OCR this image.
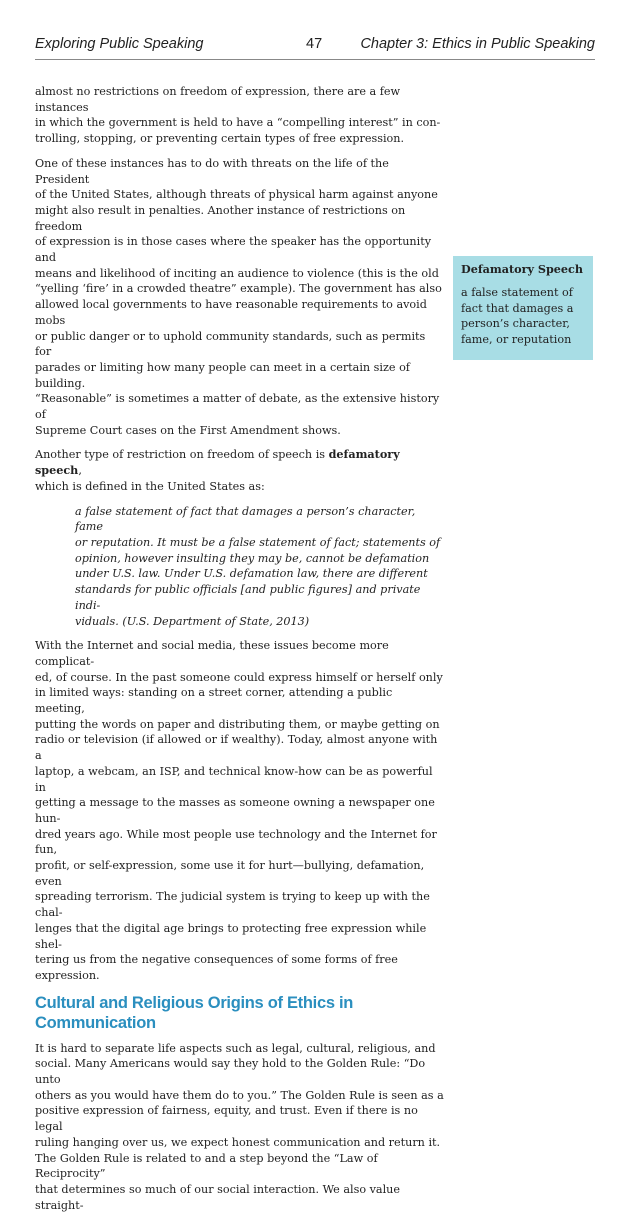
Exploring Public Speaking	47	Chapter 3: Ethics in Public Speaking

almost no restrictions on freedom of expression, there are a few instances
in which the government is held to have a “compelling interest” in con-
trolling, stopping, or preventing certain types of free expression.

One of these instances has to do with threats on the life of the President
of the United States, although threats of physical harm against anyone
might also result in penalties. Another instance of restrictions on freedom
of expression is in those cases where the speaker has the opportunity and
means and likelihood of inciting an audience to violence (this is the old
“yelling ‘fire’ in a crowded theatre” example). The government has also
allowed local governments to have reasonable requirements to avoid mobs
or public danger or to uphold community standards, such as permits for
parades or limiting how many people can meet in a certain size of building.
“Reasonable” is sometimes a matter of debate, as the extensive history of
Supreme Court cases on the First Amendment shows.

Another type of restriction on freedom of speech is defamatory speech,
which is defined in the United States as:

a false statement of fact that damages a person’s character, fame
or reputation. It must be a false statement of fact; statements of
opinion, however insulting they may be, cannot be defamation
under U.S. law. Under U.S. defamation law, there are different
standards for public officials [and public figures] and private indi-
viduals. (U.S. Department of State, 2013)

With the Internet and social media, these issues become more complicat-
ed, of course. In the past someone could express himself or herself only
in limited ways: standing on a street corner, attending a public meeting,
putting the words on paper and distributing them, or maybe getting on
radio or television (if allowed or if wealthy). Today, almost anyone with a
laptop, a webcam, an ISP, and technical know-how can be as powerful in
getting a message to the masses as someone owning a newspaper one hun-
dred years ago. While most people use technology and the Internet for fun,
profit, or self-expression, some use it for hurt—bullying, defamation, even
spreading terrorism. The judicial system is trying to keep up with the chal-
lenges that the digital age brings to protecting free expression while shel-
tering us from the negative consequences of some forms of free expression.

Cultural and Religious Origins of Ethics in Communication

It is hard to separate life aspects such as legal, cultural, religious, and
social. Many Americans would say they hold to the Golden Rule: “Do unto
others as you would have them do to you.” The Golden Rule is seen as a
positive expression of fairness, equity, and trust. Even if there is no legal
ruling hanging over us, we expect honest communication and return it.
The Golden Rule is related to and a step beyond the “Law of Reciprocity”
that determines so much of our social interaction. We also value straight-

Defamatory Speech
a false statement of
fact that damages a
person’s character,
fame, or reputation
